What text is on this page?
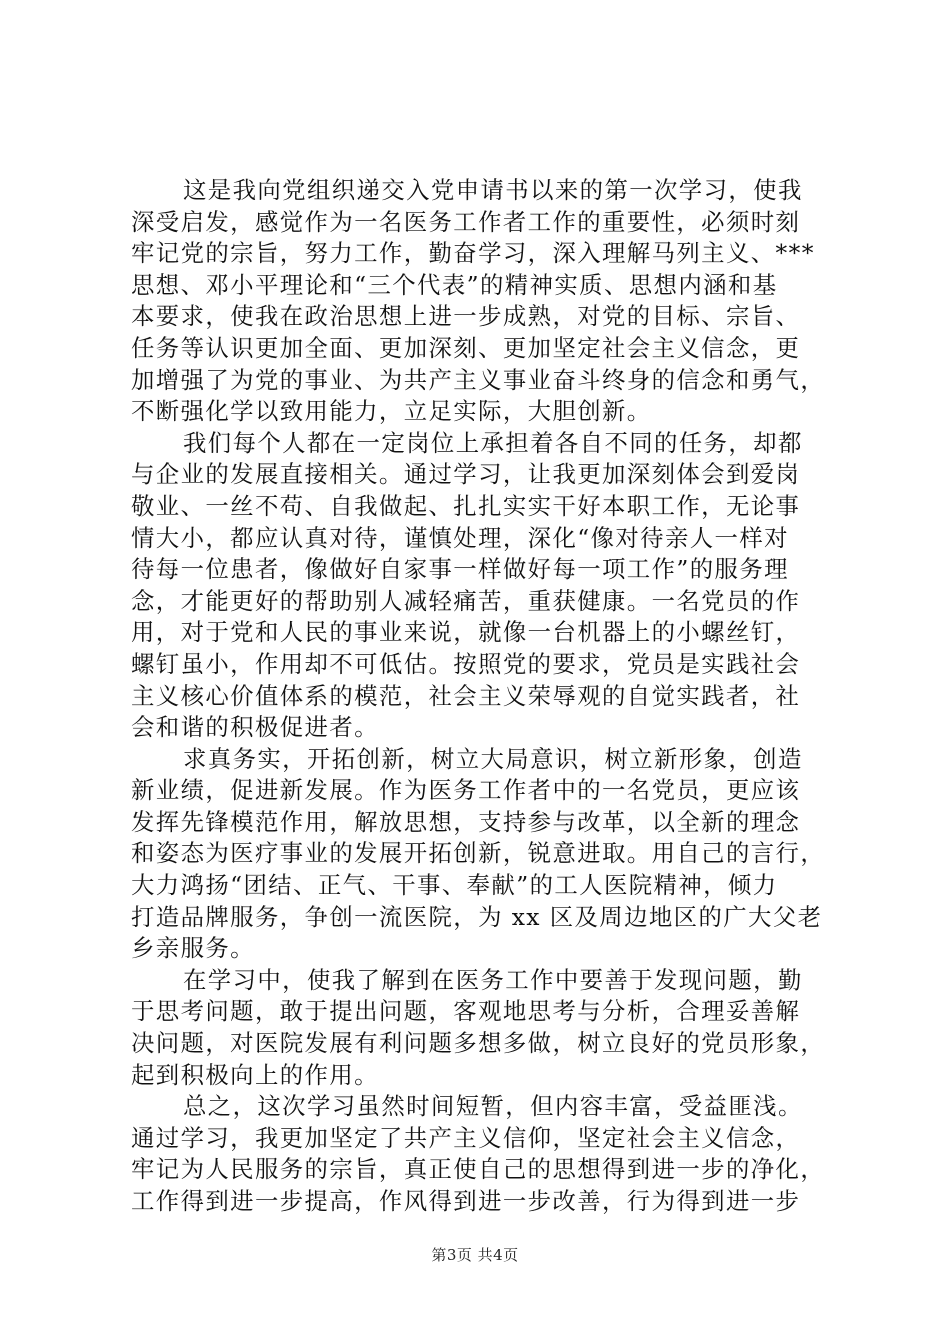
这是我向党组织递交入党申请书以来的第一次学习，使我
深受启发，感觉作为一名医务工作者工作的重要性，必须时刻
牢记党的宗旨，努力工作，勤奋学习，深入理解马列主义、***
思想、邓小平理论和“三个代表”的精神实质、思想内涵和基
本要求，使我在政治思想上进一步成熟，对党的目标、宗旨、
任务等认识更加全面、更加深刻、更加坚定社会主义信念，更
加增强了为党的事业、为共产主义事业奋斗终身的信念和勇气，
不断强化学以致用能力，立足实际，大胆创新。

我们每个人都在一定岗位上承担着各自不同的任务，却都
与企业的发展直接相关。通过学习，让我更加深刻体会到爱岗
敬业、一丝不苟、自我做起、扎扎实实干好本职工作，无论事
情大小，都应认真对待，谨慎处理，深化“像对待亲人一样对
待每一位患者，像做好自家事一样做好每一项工作”的服务理
念，才能更好的帮助别人减轻痛苦，重获健康。一名党员的作
用，对于党和人民的事业来说，就像一台机器上的小螺丝钉，
螺钉虽小，作用却不可低估。按照党的要求，党员是实践社会
主义核心价值体系的模范，社会主义荣辱观的自觉实践者，社
会和谐的积极促进者。

求真务实，开拓创新，树立大局意识，树立新形象，创造
新业绩，促进新发展。作为医务工作者中的一名党员，更应该
发挥先锋模范作用，解放思想，支持参与改革，以全新的理念
和姿态为医疗事业的发展开拓创新，锐意进取。用自己的言行，
大力鸿扬“团结、正气、干事、奉献”的工人医院精神，倾力
打造品牌服务，争创一流医院，为 xx 区及周边地区的广大父老
乡亲服务。

在学习中，使我了解到在医务工作中要善于发现问题，勤
于思考问题，敢于提出问题，客观地思考与分析，合理妥善解
决问题，对医院发展有利问题多想多做，树立良好的党员形象，
起到积极向上的作用。

总之，这次学习虽然时间短暂，但内容丰富，受益匪浅。
通过学习，我更加坚定了共产主义信仰，坚定社会主义信念，
牢记为人民服务的宗旨，真正使自己的思想得到进一步的净化，
工作得到进一步提高，作风得到进一步改善，行为得到进一步

第3页 共4页
